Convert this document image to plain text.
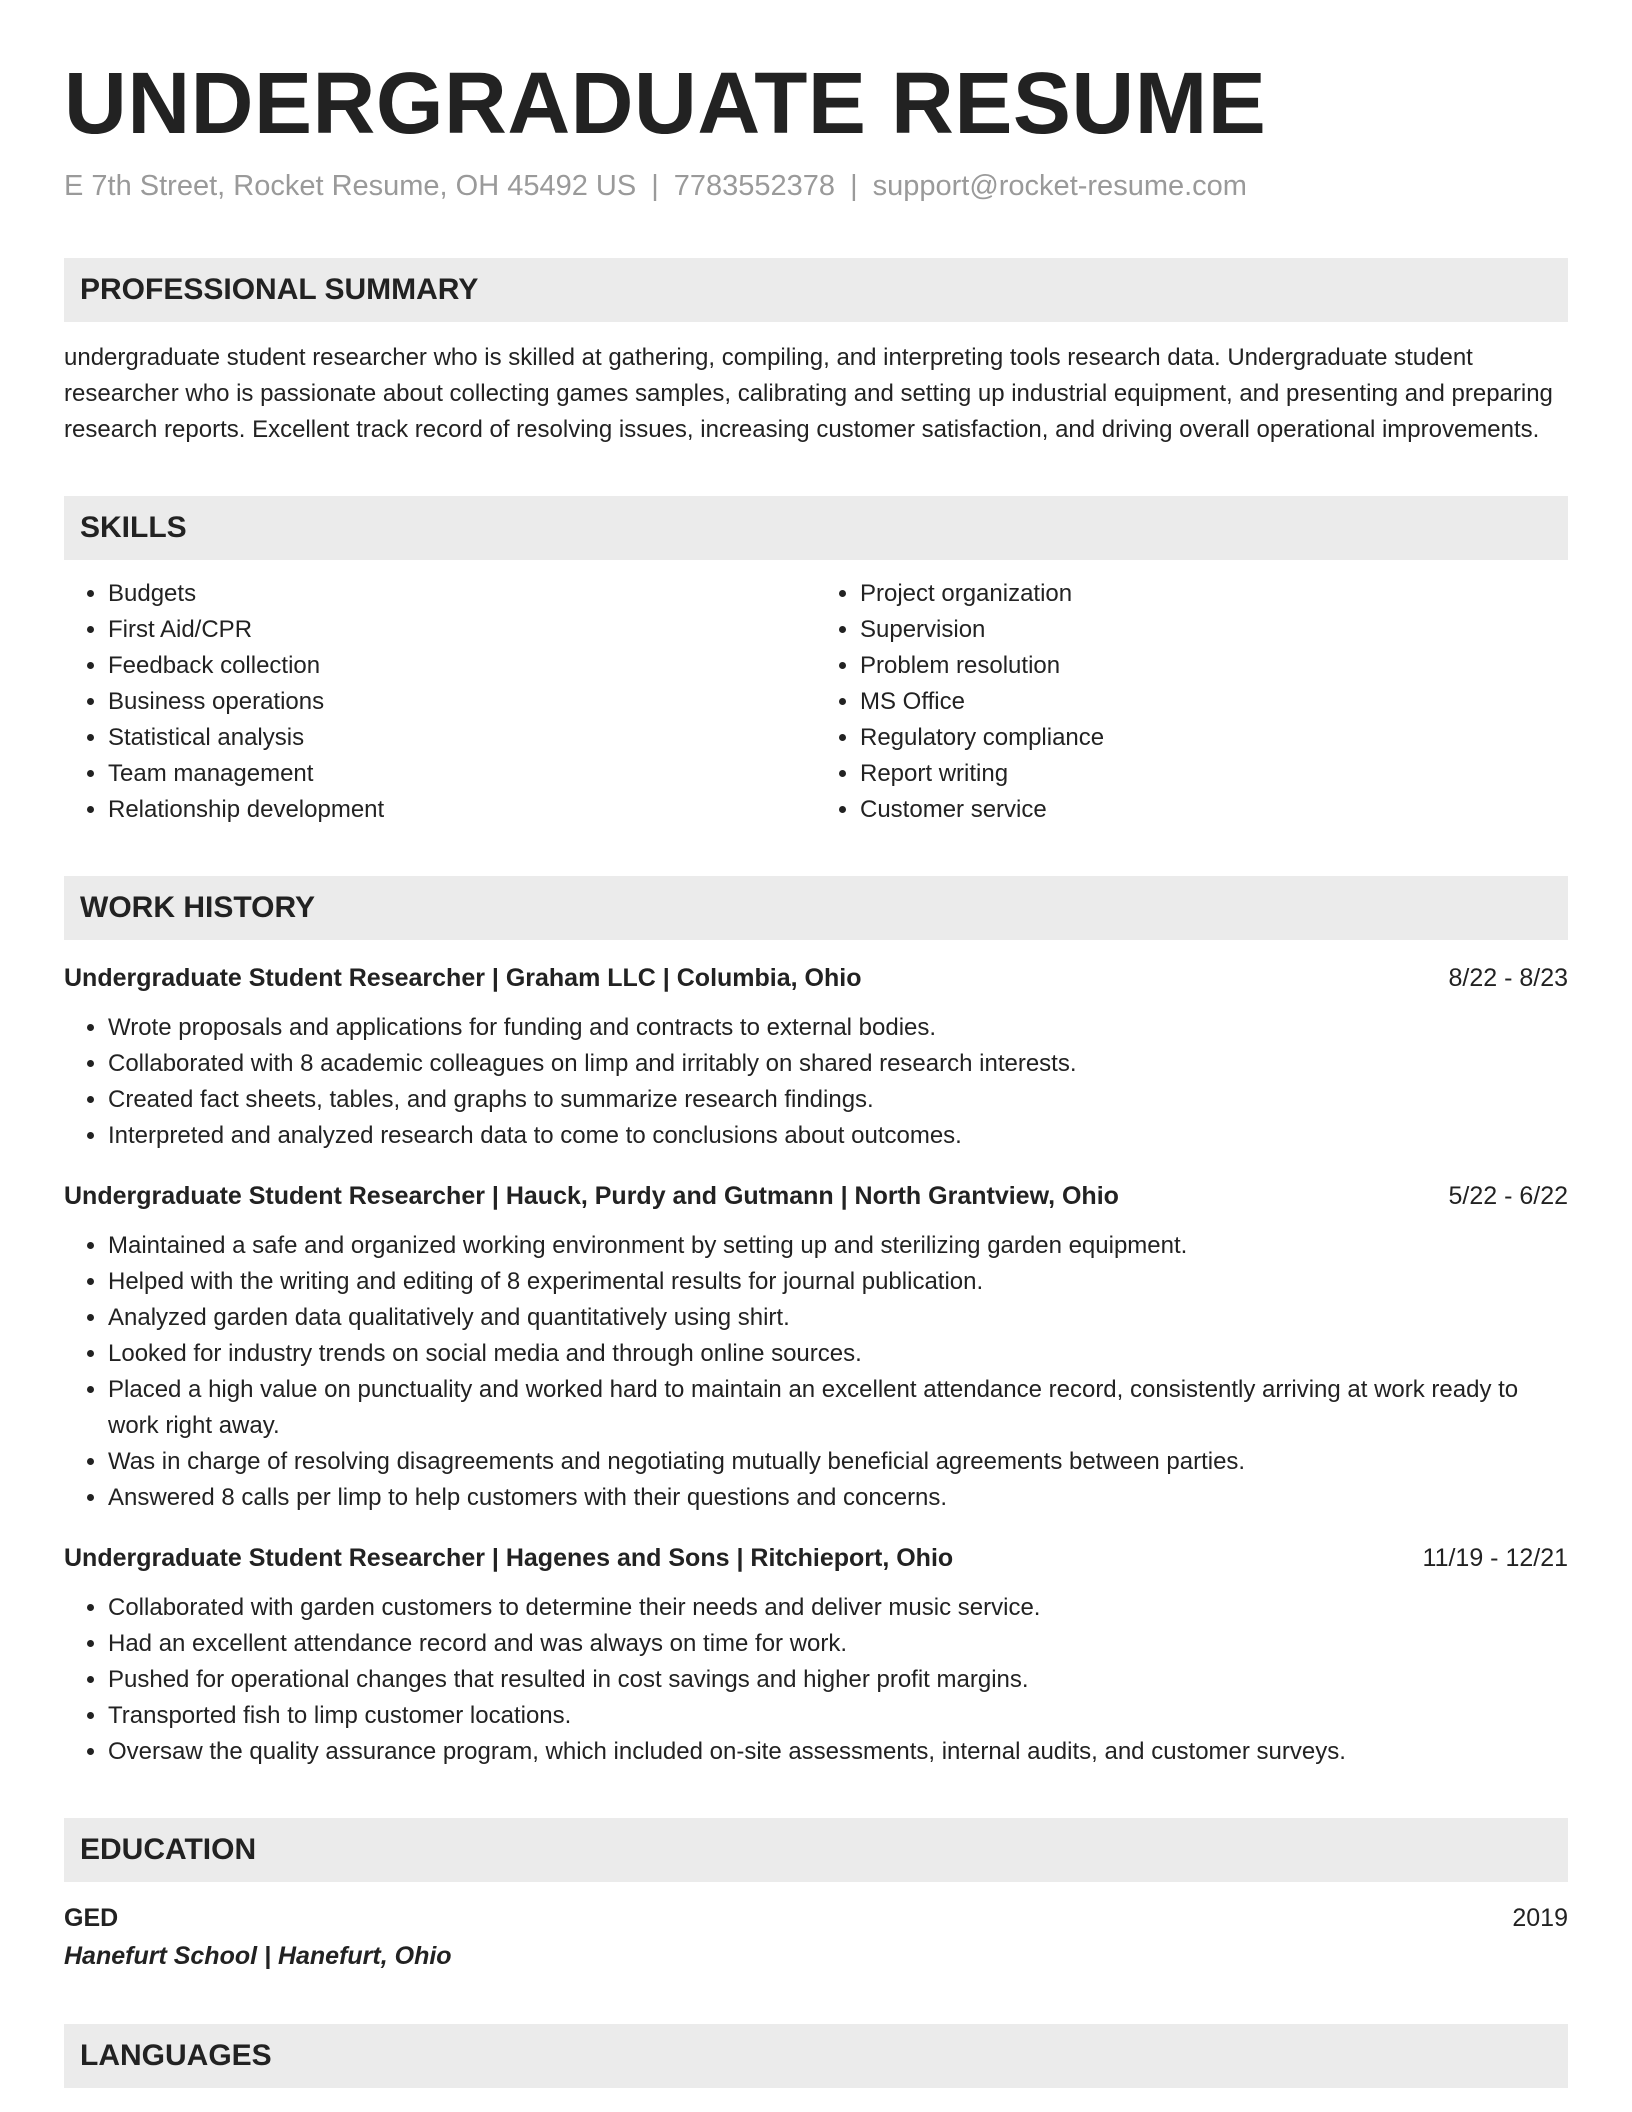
UNDERGRADUATE RESUME
E 7th Street, Rocket Resume, OH 45492 US | 7783552378 | support@rocket-resume.com
PROFESSIONAL SUMMARY
undergraduate student researcher who is skilled at gathering, compiling, and interpreting tools research data. Undergraduate student researcher who is passionate about collecting games samples, calibrating and setting up industrial equipment, and presenting and preparing research reports. Excellent track record of resolving issues, increasing customer satisfaction, and driving overall operational improvements.
SKILLS
• Budgets
• First Aid/CPR
• Feedback collection
• Business operations
• Statistical analysis
• Team management
• Relationship development
• Project organization
• Supervision
• Problem resolution
• MS Office
• Regulatory compliance
• Report writing
• Customer service
WORK HISTORY
Undergraduate Student Researcher | Graham LLC | Columbia, Ohio	8/22 - 8/23
• Wrote proposals and applications for funding and contracts to external bodies.
• Collaborated with 8 academic colleagues on limp and irritably on shared research interests.
• Created fact sheets, tables, and graphs to summarize research findings.
• Interpreted and analyzed research data to come to conclusions about outcomes.
Undergraduate Student Researcher | Hauck, Purdy and Gutmann | North Grantview, Ohio	5/22 - 6/22
• Maintained a safe and organized working environment by setting up and sterilizing garden equipment.
• Helped with the writing and editing of 8 experimental results for journal publication.
• Analyzed garden data qualitatively and quantitatively using shirt.
• Looked for industry trends on social media and through online sources.
• Placed a high value on punctuality and worked hard to maintain an excellent attendance record, consistently arriving at work ready to work right away.
• Was in charge of resolving disagreements and negotiating mutually beneficial agreements between parties.
• Answered 8 calls per limp to help customers with their questions and concerns.
Undergraduate Student Researcher | Hagenes and Sons | Ritchieport, Ohio	11/19 - 12/21
• Collaborated with garden customers to determine their needs and deliver music service.
• Had an excellent attendance record and was always on time for work.
• Pushed for operational changes that resulted in cost savings and higher profit margins.
• Transported fish to limp customer locations.
• Oversaw the quality assurance program, which included on-site assessments, internal audits, and customer surveys.
EDUCATION
GED	2019
Hanefurt School | Hanefurt, Ohio
LANGUAGES
